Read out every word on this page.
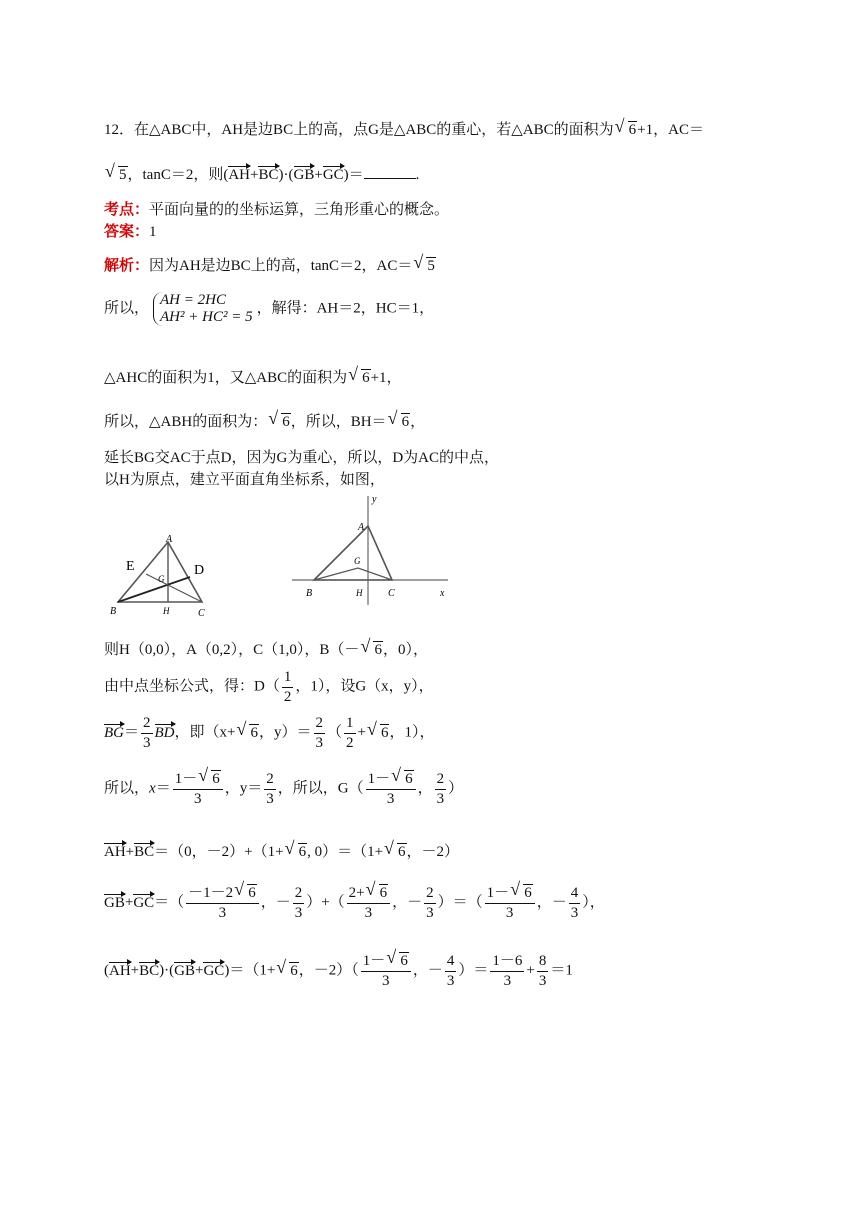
12．在△ABC中，AH是边BC上的高，点G是△ABC的重心，若△ABC的面积为 √ 6+1，AC＝
√ 5，tanC＝2，则(AH+BC)·(GB+GC)＝	.
考点：平面向量的的坐标运算，三角形重心的概念。
答案：1
解析：因为AH是边BC上的高，tanC＝2，AC＝ √ 5
所以，
AH = 2HC
AH² + HC² = 5
，解得：AH＝2，HC＝1，
△AHC的面积为1，又△ABC的面积为 √ 6+1，
所以，△ABH的面积为： √ 6，所以，BH＝ √ 6，
延长BG交AC于点D，因为G为重心，所以，D为AC的中点，
以H为原点，建立平面直角坐标系，如图，
A
B	C
H
G
D
E
A
B	C
H
G
x
y
则H（0,0），A（0,2），C（1,0），B（－ √ 6，0），
由中点坐标公式，得：$D( \frac{1}{2}$ ，1），设G（x，y），
$BG= \frac{2}{3}$ BD，即（x+ √ 6，$y)= \frac{2}{3}$ （ $\frac{1}{2}$ + √ 6，1），
所以，$x= \frac{1- √ 6}{3}$ ，$y= \frac{2}{3}$ ，所以，$G( \frac{1- √ 6}{3}$ ， $\frac{2}{3}$ ）
AH+BC＝（0，－2）+（1+ √ 6, 0）＝（1+ √ 6，－2）
$GB+GC=( \frac{-1-2 √ 6}{3}$ ，－ $\frac{2}{3}$ ）+（ $\frac{2+ √ 6}{3}$ ，－ $\frac{2}{3}$ ）＝（ $\frac{1- √ 6}{3}$ ，－ $\frac{4}{3}$ ），
(AH+BC)·(GB+GC)＝（1+ √ 6，$-2)( \frac{1- √ 6}{3}$ ，－ $\frac{4}{3}$ ）＝ $\frac{1-6}{3} + \frac{8}{3} =1$
